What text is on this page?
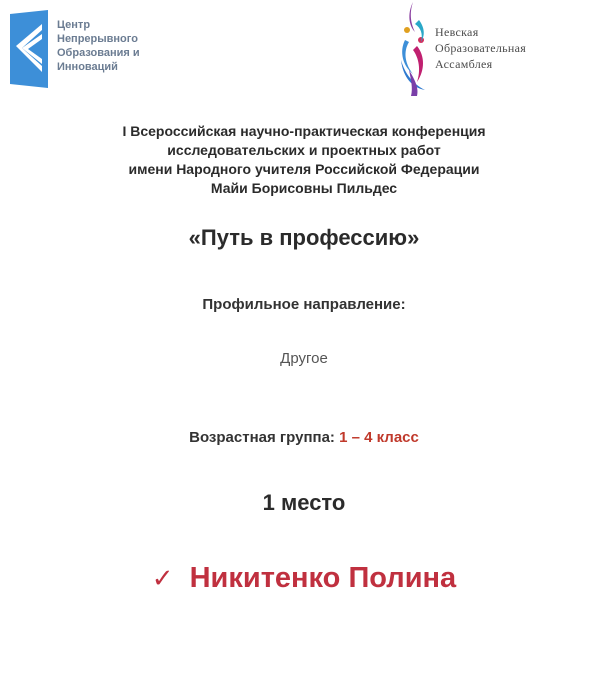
Центр
Непрерывного
Образования и
Инноваций
Невская
Образовательная
Ассамблея
I Всероссийская научно-практическая конференция
исследовательских и проектных работ
имени Народного учителя Российской Федерации
Майи Борисовны Пильдес
«Путь в профессию»
Профильное направление:
Другое
Возрастная группа: 1 – 4 класс
1 место
✓ Никитенко Полина
